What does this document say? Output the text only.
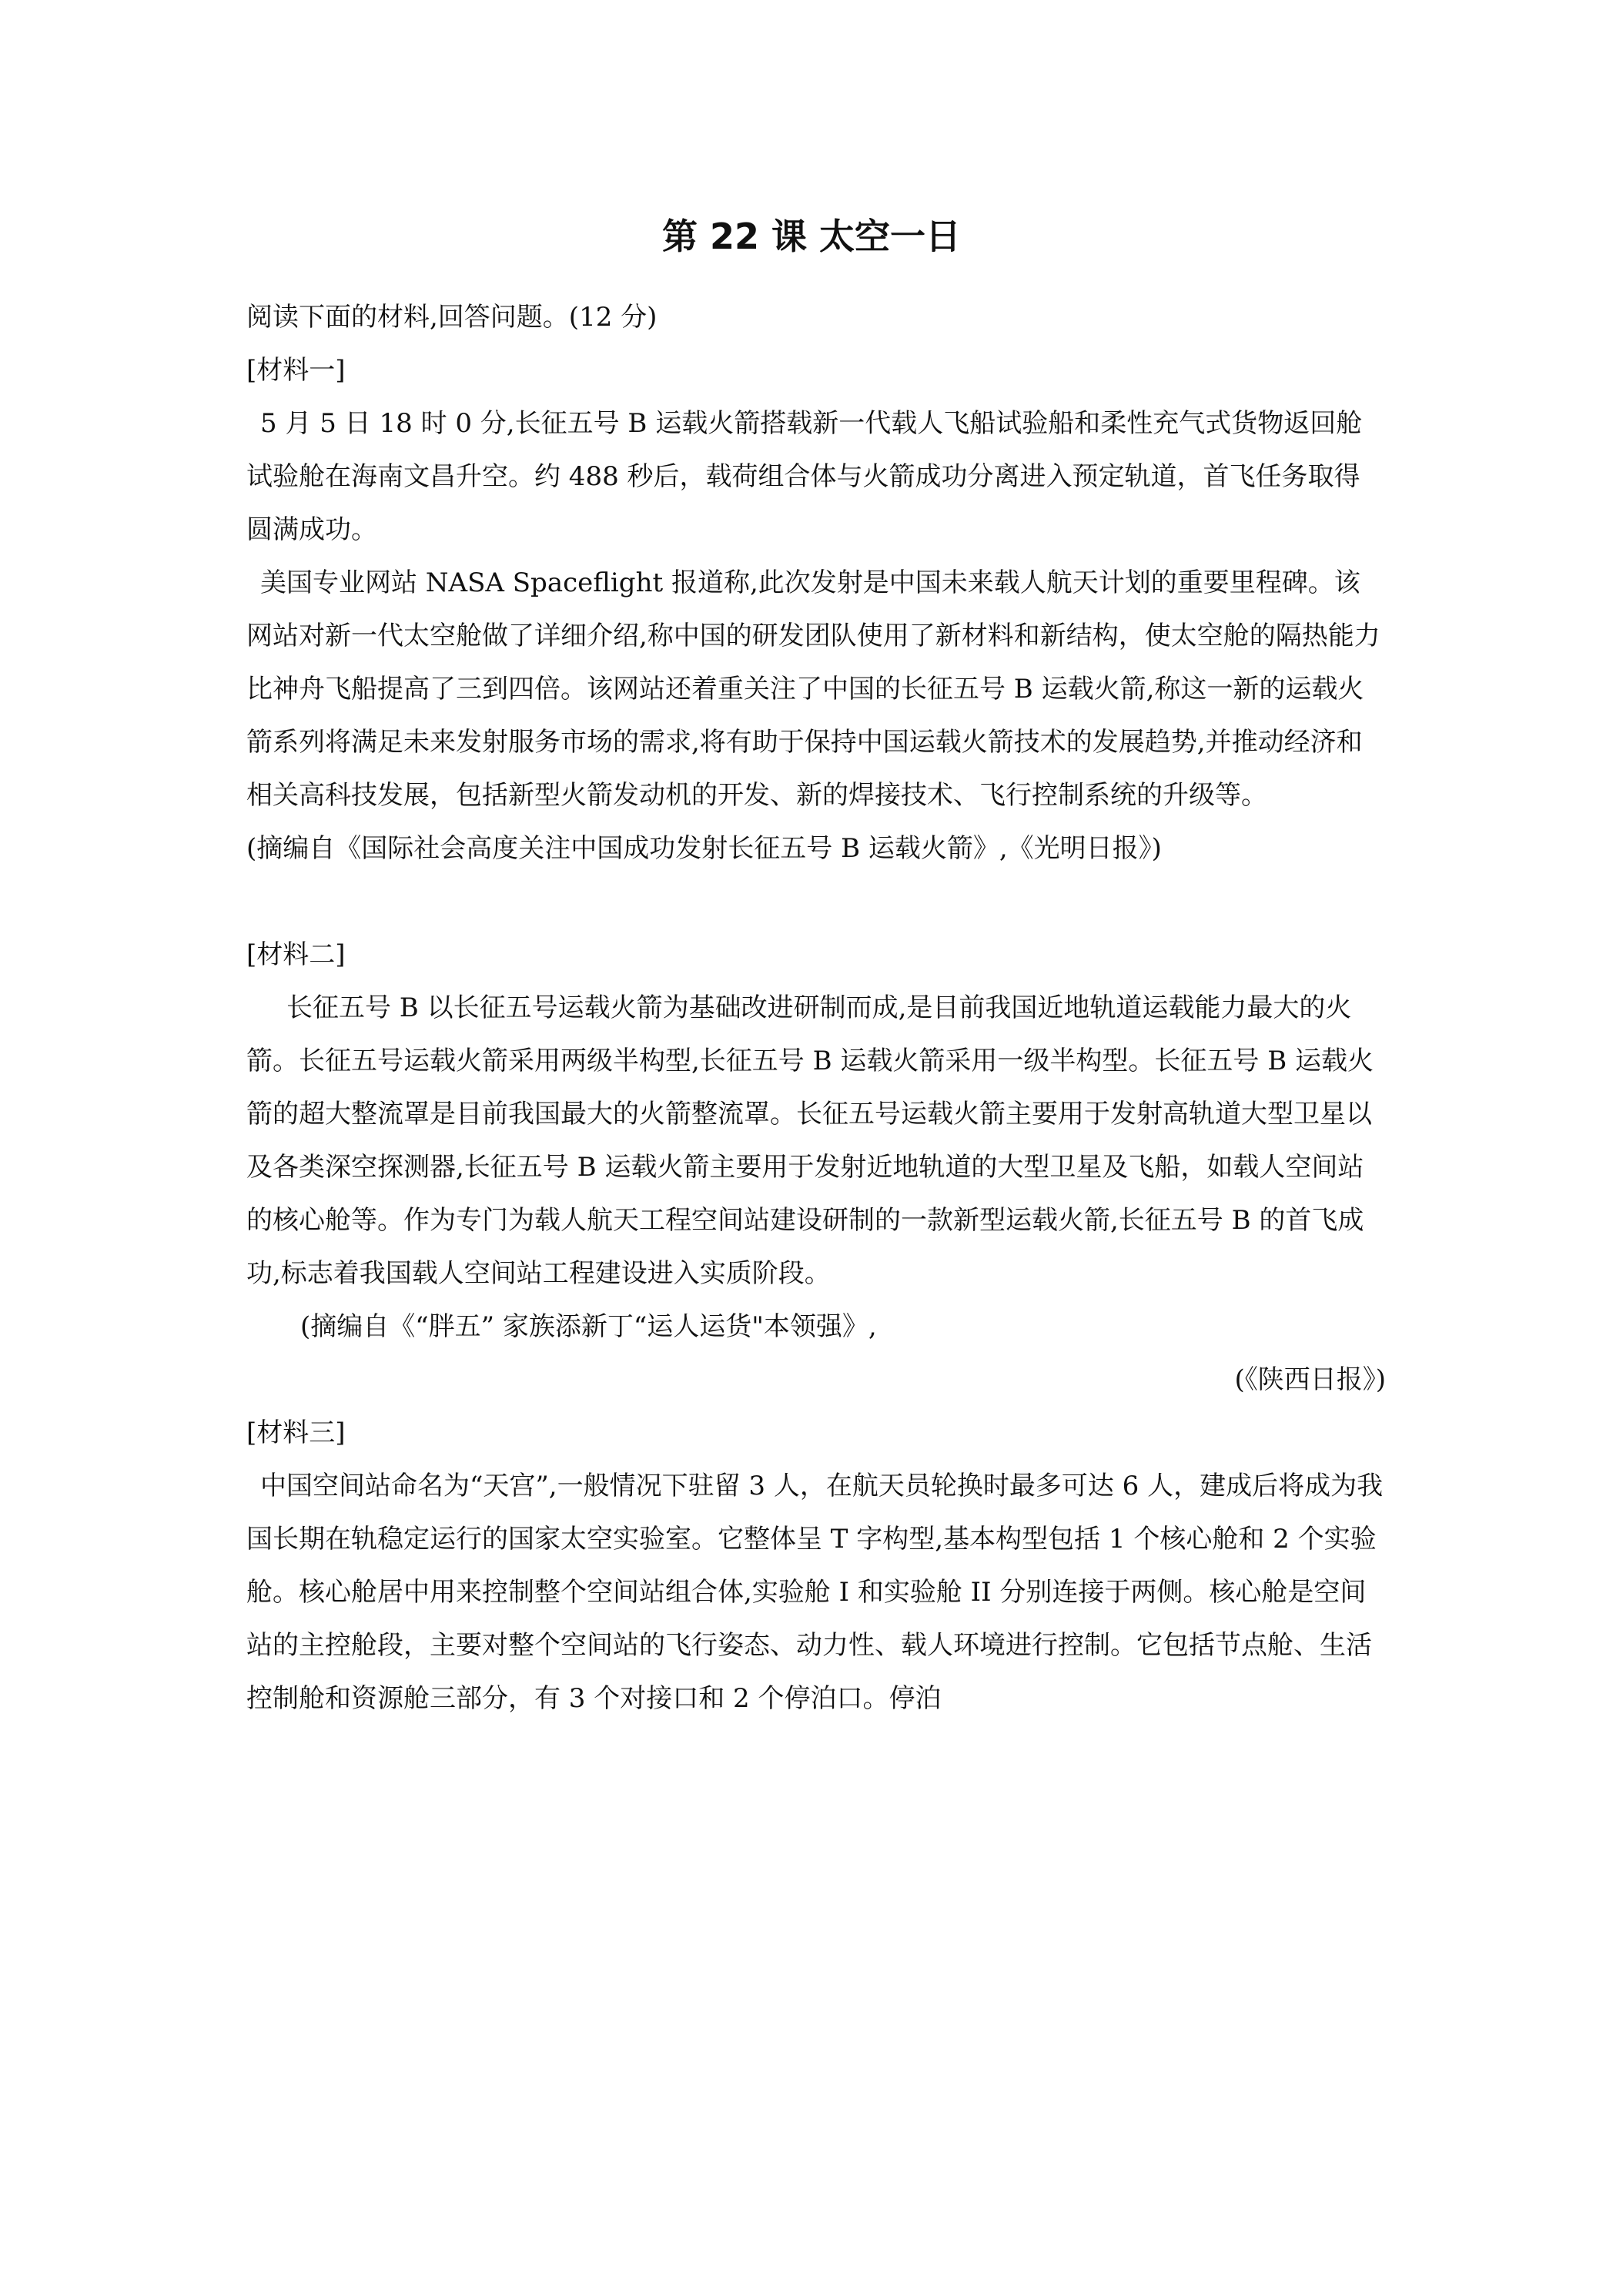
第 22 课 太空一日

阅读下面的材料,回答问题。(12 分)

[材料一]

5 月 5 日 18 时 0 分,长征五号 B 运载火箭搭载新一代载人飞船试验船和柔性充气式货物返回舱试验舱在海南文昌升空。约 488 秒后，载荷组合体与火箭成功分离进入预定轨道，首飞任务取得圆满成功。

美国专业网站 NASA Spaceflight 报道称,此次发射是中国未来载人航天计划的重要里程碑。该网站对新一代太空舱做了详细介绍,称中国的研发团队使用了新材料和新结构，使太空舱的隔热能力比神舟飞船提高了三到四倍。该网站还着重关注了中国的长征五号 B 运载火箭,称这一新的运载火箭系列将满足未来发射服务市场的需求,将有助于保持中国运载火箭技术的发展趋势,并推动经济和相关高科技发展，包括新型火箭发动机的开发、新的焊接技术、飞行控制系统的升级等。

(摘编自《国际社会高度关注中国成功发射长征五号 B 运载火箭》,《光明日报》)

[材料二]

长征五号 B 以长征五号运载火箭为基础改进研制而成,是目前我国近地轨道运载能力最大的火箭。长征五号运载火箭采用两级半构型,长征五号 B 运载火箭采用一级半构型。长征五号 B 运载火箭的超大整流罩是目前我国最大的火箭整流罩。长征五号运载火箭主要用于发射高轨道大型卫星以及各类深空探测器,长征五号 B 运载火箭主要用于发射近地轨道的大型卫星及飞船，如载人空间站的核心舱等。作为专门为载人航天工程空间站建设研制的一款新型运载火箭,长征五号 B 的首飞成功,标志着我国载人空间站工程建设进入实质阶段。

(摘编自《“胖五” 家族添新丁“运人运货"本领强》,

(《陕西日报》)

[材料三]

中国空间站命名为“天宫”,一般情况下驻留 3 人，在航天员轮换时最多可达 6 人，建成后将成为我国长期在轨稳定运行的国家太空实验室。它整体呈 T 字构型,基本构型包括 1 个核心舱和 2 个实验舱。核心舱居中用来控制整个空间站组合体,实验舱 I 和实验舱 II 分别连接于两侧。核心舱是空间站的主控舱段，主要对整个空间站的飞行姿态、动力性、载人环境进行控制。它包括节点舱、生活控制舱和资源舱三部分，有 3 个对接口和 2 个停泊口。停泊
